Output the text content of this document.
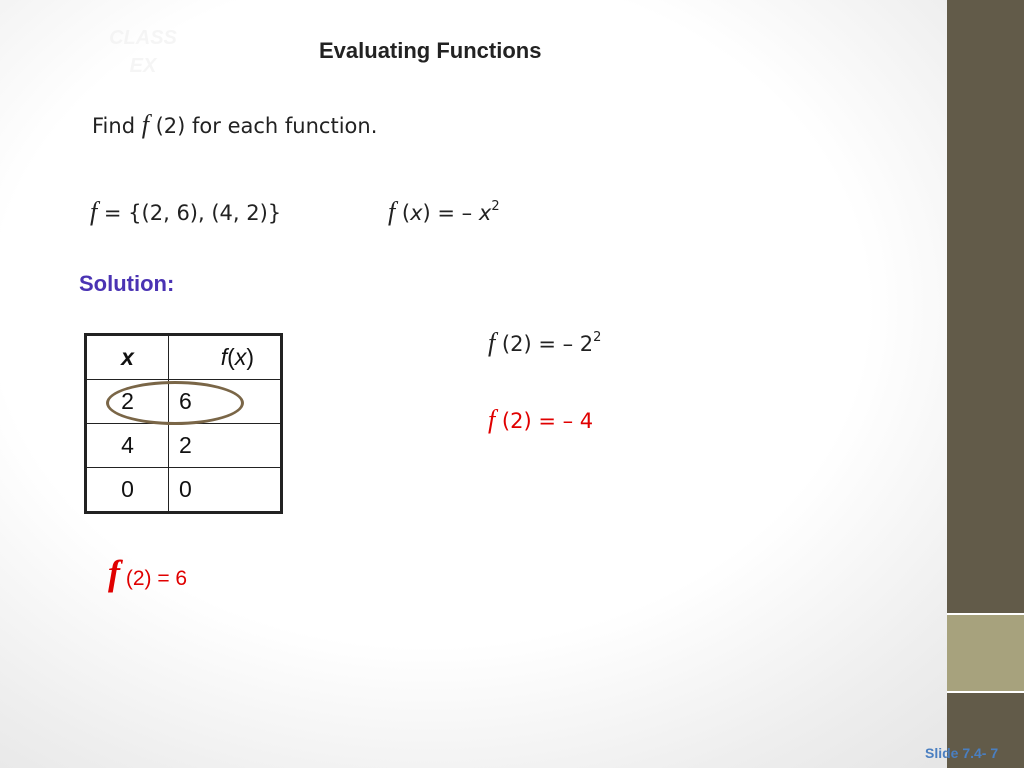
CLASS
EX
Evaluating Functions
Find f (2) for each function.
f = {(2, 6), (4, 2)}	f (x) = – $x^2$
Solution:
x	f(x)
2	6
4	2
0	0
f (2) = 6
f (2) = – $2^2$
f (2) = – 4
Slide 7.4- 7
